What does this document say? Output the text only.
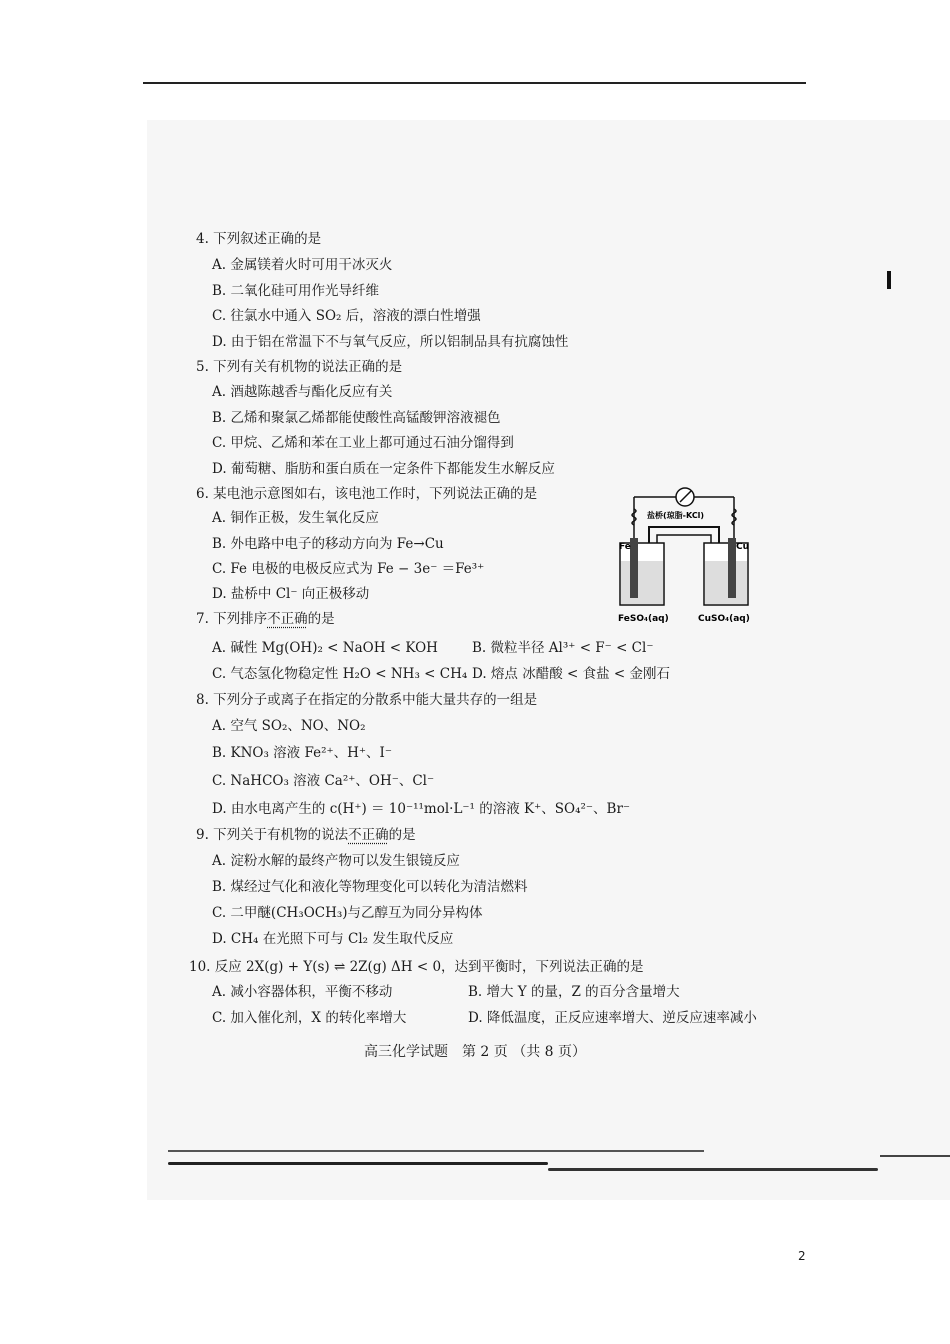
4. 下列叙述正确的是
A. 金属镁着火时可用干冰灭火
B. 二氧化硅可用作光导纤维
C. 往氯水中通入 SO₂ 后，溶液的漂白性增强
D. 由于铝在常温下不与氧气反应，所以铝制品具有抗腐蚀性
5. 下列有关有机物的说法正确的是
A. 酒越陈越香与酯化反应有关
B. 乙烯和聚氯乙烯都能使酸性高锰酸钾溶液褪色
C. 甲烷、乙烯和苯在工业上都可通过石油分馏得到
D. 葡萄糖、脂肪和蛋白质在一定条件下都能发生水解反应
6. 某电池示意图如右，该电池工作时，下列说法正确的是
A. 铜作正极，发生氧化反应
B. 外电路中电子的移动方向为 Fe→Cu
C. Fe 电极的电极反应式为 Fe − 3e⁻ ＝Fe³⁺
D. 盐桥中 Cl⁻ 向正极移动
盐桥(琼脂-KCl)
Fe	Cu
FeSO₄(aq)	CuSO₄(aq)
7. 下列排序不正确的是
A. 碱性 Mg(OH)₂ < NaOH < KOH	B. 微粒半径 Al³⁺ < F⁻ < Cl⁻
C. 气态氢化物稳定性 H₂O < NH₃ < CH₄ D. 熔点 冰醋酸 < 食盐 < 金刚石
8. 下列分子或离子在指定的分散系中能大量共存的一组是
A. 空气 SO₂、NO、NO₂
B. KNO₃ 溶液 Fe²⁺、H⁺、I⁻
C. NaHCO₃ 溶液 Ca²⁺、OH⁻、Cl⁻
D. 由水电离产生的 c(H⁺) ＝ 10⁻¹¹mol·L⁻¹ 的溶液 K⁺、SO₄²⁻、Br⁻
9. 下列关于有机物的说法不正确的是
A. 淀粉水解的最终产物可以发生银镜反应
B. 煤经过气化和液化等物理变化可以转化为清洁燃料
C. 二甲醚(CH₃OCH₃)与乙醇互为同分异构体
D. CH₄ 在光照下可与 Cl₂ 发生取代反应
10. 反应 2X(g) + Y(s) ⇌ 2Z(g) ΔH < 0，达到平衡时，下列说法正确的是
A. 减小容器体积，平衡不移动	B. 增大 Y 的量，Z 的百分含量增大
C. 加入催化剂，X 的转化率增大	D. 降低温度，正反应速率增大、逆反应速率减小
高三化学试题　第 2 页 （共 8 页）
2
